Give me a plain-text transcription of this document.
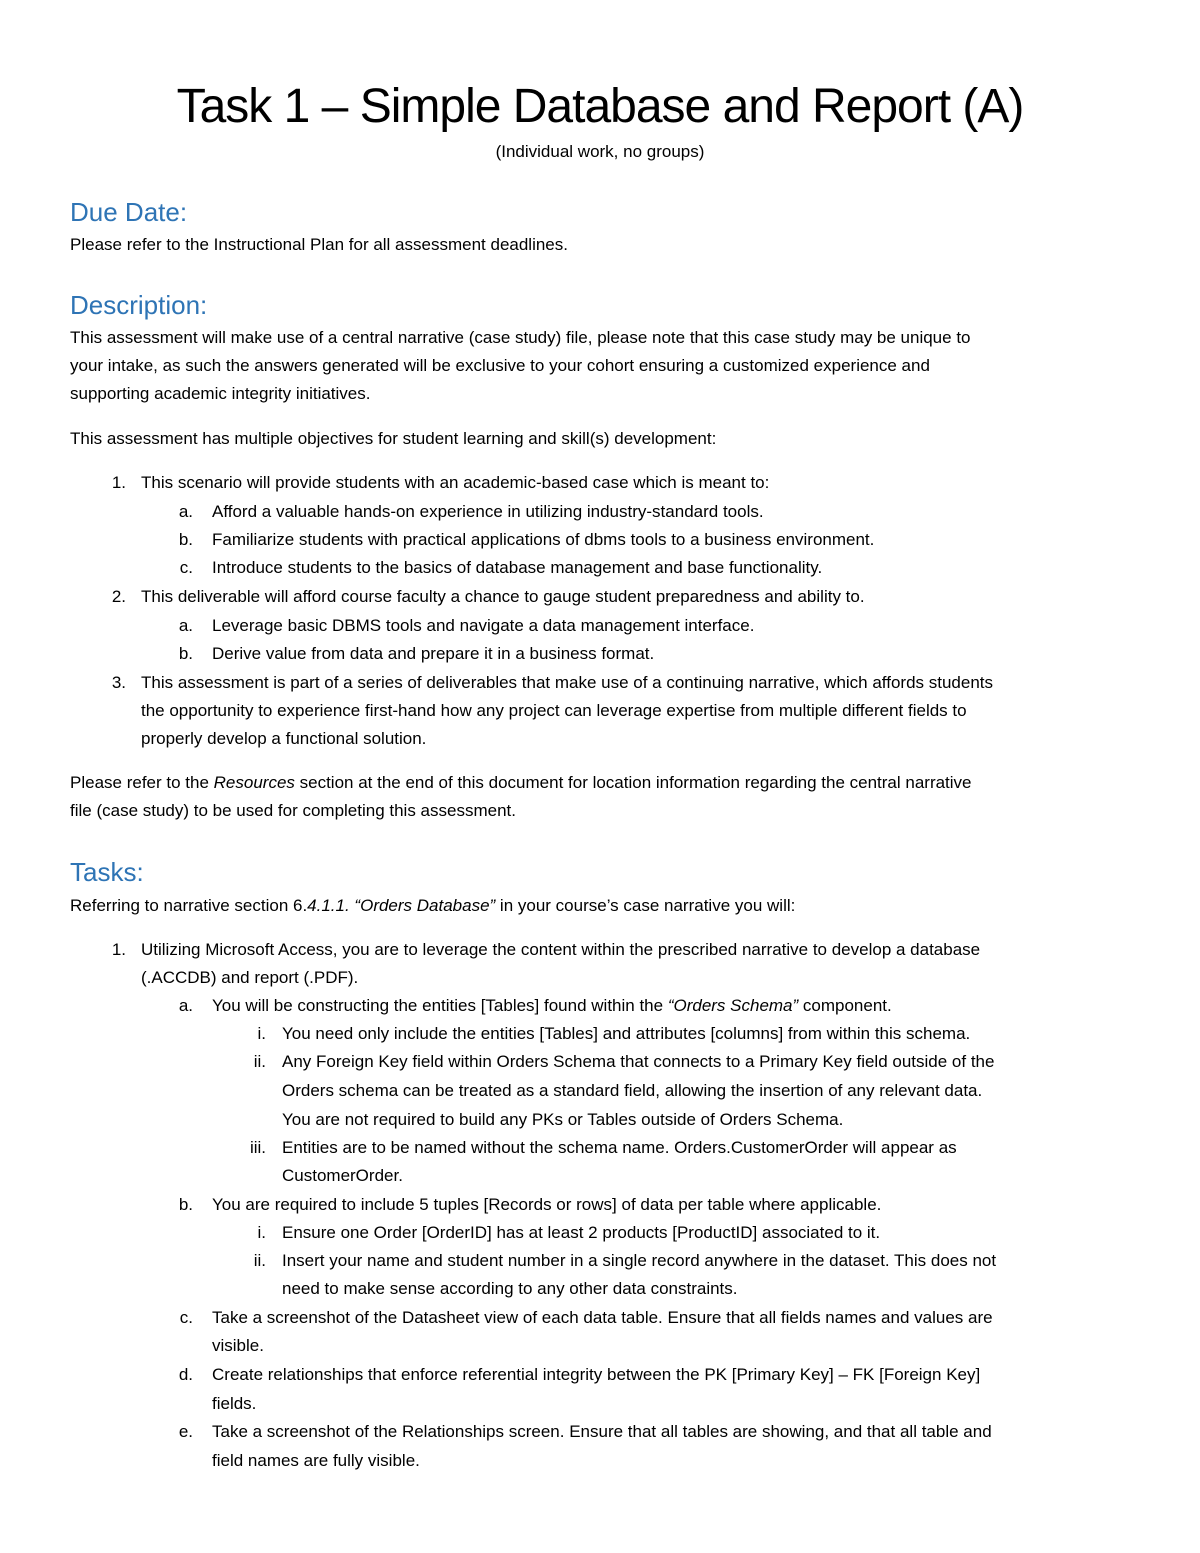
Task 1 – Simple Database and Report (A)
(Individual work, no groups)
Due Date:
Please refer to the Instructional Plan for all assessment deadlines.
Description:
This assessment will make use of a central narrative (case study) file, please note that this case study may be unique to
your intake, as such the answers generated will be exclusive to your cohort ensuring a customized experience and
supporting academic integrity initiatives.
This assessment has multiple objectives for student learning and skill(s) development:
1. This scenario will provide students with an academic-based case which is meant to:
a. Afford a valuable hands-on experience in utilizing industry-standard tools.
b. Familiarize students with practical applications of dbms tools to a business environment.
c. Introduce students to the basics of database management and base functionality.
2. This deliverable will afford course faculty a chance to gauge student preparedness and ability to.
a. Leverage basic DBMS tools and navigate a data management interface.
b. Derive value from data and prepare it in a business format.
3. This assessment is part of a series of deliverables that make use of a continuing narrative, which affords students
the opportunity to experience first-hand how any project can leverage expertise from multiple different fields to
properly develop a functional solution.
Please refer to the Resources section at the end of this document for location information regarding the central narrative
file (case study) to be used for completing this assessment.
Tasks:
Referring to narrative section 6.4.1.1. “Orders Database” in your course’s case narrative you will:
1. Utilizing Microsoft Access, you are to leverage the content within the prescribed narrative to develop a database
(.ACCDB) and report (.PDF).
a. You will be constructing the entities [Tables] found within the “Orders Schema” component.
i. You need only include the entities [Tables] and attributes [columns] from within this schema.
ii. Any Foreign Key field within Orders Schema that connects to a Primary Key field outside of the
Orders schema can be treated as a standard field, allowing the insertion of any relevant data.
You are not required to build any PKs or Tables outside of Orders Schema.
iii. Entities are to be named without the schema name. Orders.CustomerOrder will appear as
CustomerOrder.
b. You are required to include 5 tuples [Records or rows] of data per table where applicable.
i. Ensure one Order [OrderID] has at least 2 products [ProductID] associated to it.
ii. Insert your name and student number in a single record anywhere in the dataset. This does not
need to make sense according to any other data constraints.
c. Take a screenshot of the Datasheet view of each data table. Ensure that all fields names and values are
visible.
d. Create relationships that enforce referential integrity between the PK [Primary Key] – FK [Foreign Key]
fields.
e. Take a screenshot of the Relationships screen. Ensure that all tables are showing, and that all table and
field names are fully visible.
